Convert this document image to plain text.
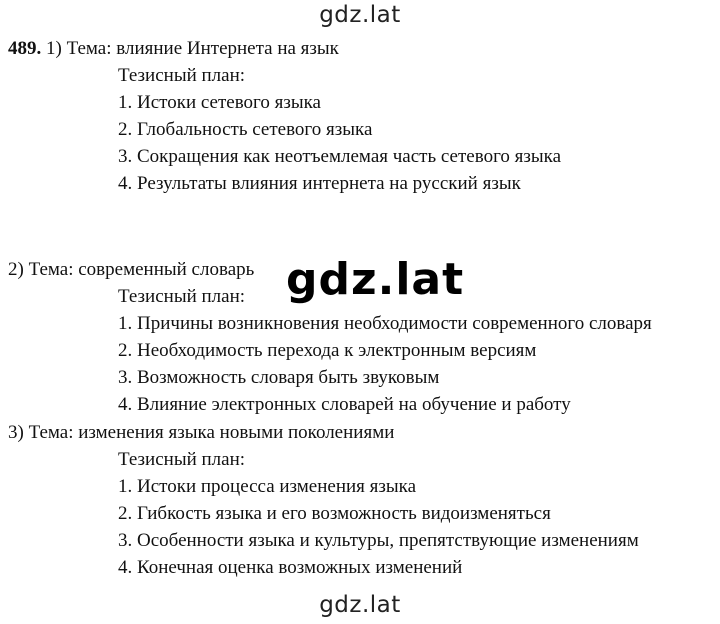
gdz.lat
489. 1) Тема: влияние Интернета на язык
Тезисный план:
1. Истоки сетевого языка
2. Глобальность сетевого языка
3. Сокращения как неотъемлемая часть сетевого языка
4. Результаты влияния интернета на русский язык
2) Тема: современный словарь
Тезисный план:
1. Причины возникновения необходимости современного словаря
2. Необходимость перехода к электронным версиям
3. Возможность словаря быть звуковым
4. Влияние электронных словарей на обучение и работу
3) Тема: изменения языка новыми поколениями
Тезисный план:
1. Истоки процесса изменения языка
2. Гибкость языка и его возможность видоизменяться
3. Особенности языка и культуры, препятствующие изменениям
4. Конечная оценка возможных изменений
gdz.lat
gdz.lat
